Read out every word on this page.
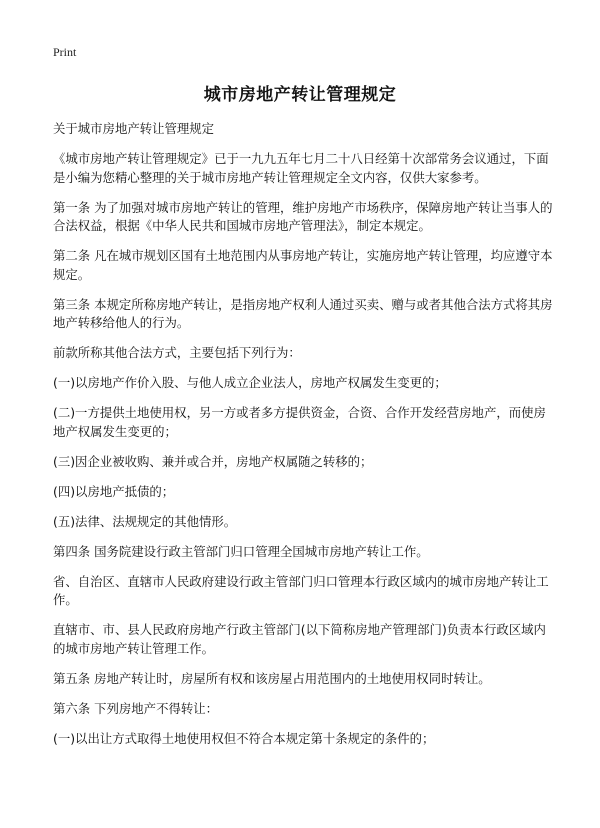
Print
城市房地产转让管理规定

关于城市房地产转让管理规定

《城市房地产转让管理规定》已于一九九五年七月二十八日经第十次部常务会议通过，下面是小编为您精心整理的关于城市房地产转让管理规定全文内容，仅供大家参考。

第一条 为了加强对城市房地产转让的管理，维护房地产市场秩序，保障房地产转让当事人的合法权益，根据《中华人民共和国城市房地产管理法》，制定本规定。

第二条 凡在城市规划区国有土地范围内从事房地产转让，实施房地产转让管理，均应遵守本规定。

第三条 本规定所称房地产转让，是指房地产权利人通过买卖、赠与或者其他合法方式将其房地产转移给他人的行为。

前款所称其他合法方式，主要包括下列行为：

(一)以房地产作价入股、与他人成立企业法人，房地产权属发生变更的；

(二)一方提供土地使用权，另一方或者多方提供资金，合资、合作开发经营房地产，而使房地产权属发生变更的；

(三)因企业被收购、兼并或合并，房地产权属随之转移的；

(四)以房地产抵债的；

(五)法律、法规规定的其他情形。

第四条 国务院建设行政主管部门归口管理全国城市房地产转让工作。

省、自治区、直辖市人民政府建设行政主管部门归口管理本行政区域内的城市房地产转让工作。

直辖市、市、县人民政府房地产行政主管部门(以下简称房地产管理部门)负责本行政区域内的城市房地产转让管理工作。

第五条 房地产转让时，房屋所有权和该房屋占用范围内的土地使用权同时转让。

第六条 下列房地产不得转让：

(一)以出让方式取得土地使用权但不符合本规定第十条规定的条件的；
